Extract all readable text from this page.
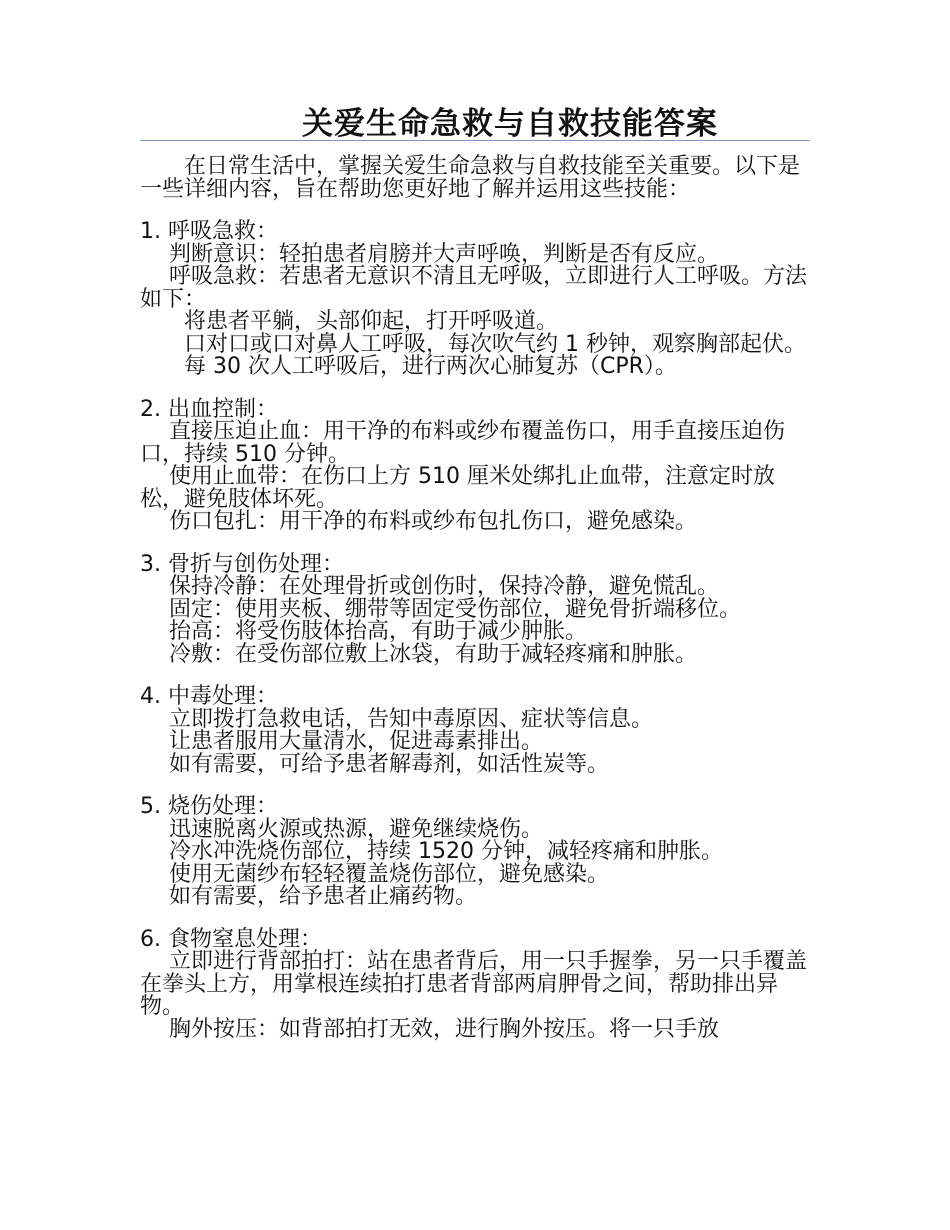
关爱生命急救与自救技能答案

在日常生活中，掌握关爱生命急救与自救技能至关重要。以下是一些详细内容，旨在帮助您更好地了解并运用这些技能：

1. 呼吸急救：

判断意识：轻拍患者肩膀并大声呼唤，判断是否有反应。

呼吸急救：若患者无意识不清且无呼吸，立即进行人工呼吸。方法如下：

将患者平躺，头部仰起，打开呼吸道。

口对口或口对鼻人工呼吸，每次吹气约 1 秒钟，观察胸部起伏。

每 30 次人工呼吸后，进行两次心肺复苏（CPR）。

2. 出血控制：

直接压迫止血：用干净的布料或纱布覆盖伤口，用手直接压迫伤口，持续 510 分钟。

使用止血带：在伤口上方 510 厘米处绑扎止血带，注意定时放松，避免肢体坏死。

伤口包扎：用干净的布料或纱布包扎伤口，避免感染。

3. 骨折与创伤处理：

保持冷静：在处理骨折或创伤时，保持冷静，避免慌乱。

固定：使用夹板、绷带等固定受伤部位，避免骨折端移位。

抬高：将受伤肢体抬高，有助于减少肿胀。

冷敷：在受伤部位敷上冰袋，有助于减轻疼痛和肿胀。

4. 中毒处理：

立即拨打急救电话，告知中毒原因、症状等信息。

让患者服用大量清水，促进毒素排出。

如有需要，可给予患者解毒剂，如活性炭等。

5. 烧伤处理：

迅速脱离火源或热源，避免继续烧伤。

冷水冲洗烧伤部位，持续 1520 分钟，减轻疼痛和肿胀。

使用无菌纱布轻轻覆盖烧伤部位，避免感染。

如有需要，给予患者止痛药物。

6. 食物窒息处理：

立即进行背部拍打：站在患者背后，用一只手握拳，另一只手覆盖在拳头上方，用掌根连续拍打患者背部两肩胛骨之间，帮助排出异物。

胸外按压：如背部拍打无效，进行胸外按压。将一只手放
